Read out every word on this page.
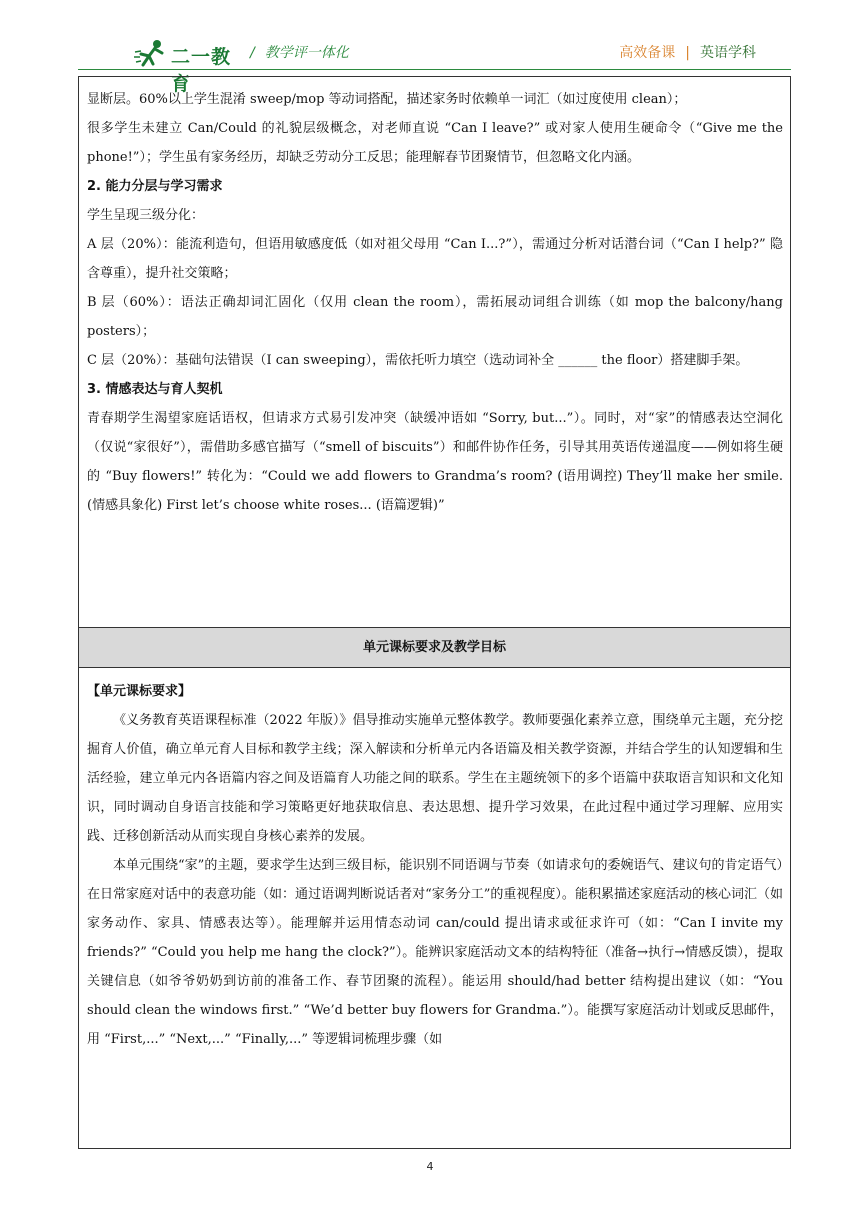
二一教育
/ 教学评一体化	高效备课 | 英语学科

显断层。60%以上学生混淆 sweep/mop 等动词搭配，描述家务时依赖单一词汇（如过度使用 clean）；

很多学生未建立 Can/Could 的礼貌层级概念，对老师直说 “Can I leave?” 或对家人使用生硬命令（“Give me the phone!”）；学生虽有家务经历，却缺乏劳动分工反思；能理解春节团聚情节，但忽略文化内涵。

2. 能力分层与学习需求

学生呈现三级分化：

A 层（20%）：能流利造句，但语用敏感度低（如对祖父母用 “Can I...?”），需通过分析对话潜台词（“Can I help?” 隐含尊重），提升社交策略；

B 层（60%）：语法正确却词汇固化（仅用 clean the room），需拓展动词组合训练（如 mop the balcony/hang posters）；

C 层（20%）：基础句法错误（I can sweeping），需依托听力填空（选动词补全 ______ the floor）搭建脚手架。

3. 情感表达与育人契机

青春期学生渴望家庭话语权，但请求方式易引发冲突（缺缓冲语如 “Sorry, but...”）。同时，对“家”的情感表达空洞化（仅说“家很好”），需借助多感官描写（“smell of biscuits”）和邮件协作任务，引导其用英语传递温度——例如将生硬的 “Buy flowers!” 转化为：“Could we add flowers to Grandma’s room? (语用调控) They’ll make her smile. (情感具象化) First let’s choose white roses... (语篇逻辑)”

单元课标要求及教学目标

【单元课标要求】

《义务教育英语课程标准（2022 年版）》倡导推动实施单元整体教学。教师要强化素养立意，围绕单元主题，充分挖掘育人价值，确立单元育人目标和教学主线；深入解读和分析单元内各语篇及相关教学资源，并结合学生的认知逻辑和生活经验，建立单元内各语篇内容之间及语篇育人功能之间的联系。学生在主题统领下的多个语篇中获取语言知识和文化知识，同时调动自身语言技能和学习策略更好地获取信息、表达思想、提升学习效果，在此过程中通过学习理解、应用实践、迁移创新活动从而实现自身核心素养的发展。

本单元围绕“家”的主题，要求学生达到三级目标，能识别不同语调与节奏（如请求句的委婉语气、建议句的肯定语气）在日常家庭对话中的表意功能（如：通过语调判断说话者对“家务分工”的重视程度）。能积累描述家庭活动的核心词汇（如家务动作、家具、情感表达等）。能理解并运用情态动词 can/could 提出请求或征求许可（如：“Can I invite my friends?” “Could you help me hang the clock?”）。能辨识家庭活动文本的结构特征（准备→执行→情感反馈），提取关键信息（如爷爷奶奶到访前的准备工作、春节团聚的流程）。能运用 should/had better 结构提出建议（如：“You should clean the windows first.” “We’d better buy flowers for Grandma.”）。能撰写家庭活动计划或反思邮件，用 “First,...” “Next,...” “Finally,...” 等逻辑词梳理步骤（如

4
